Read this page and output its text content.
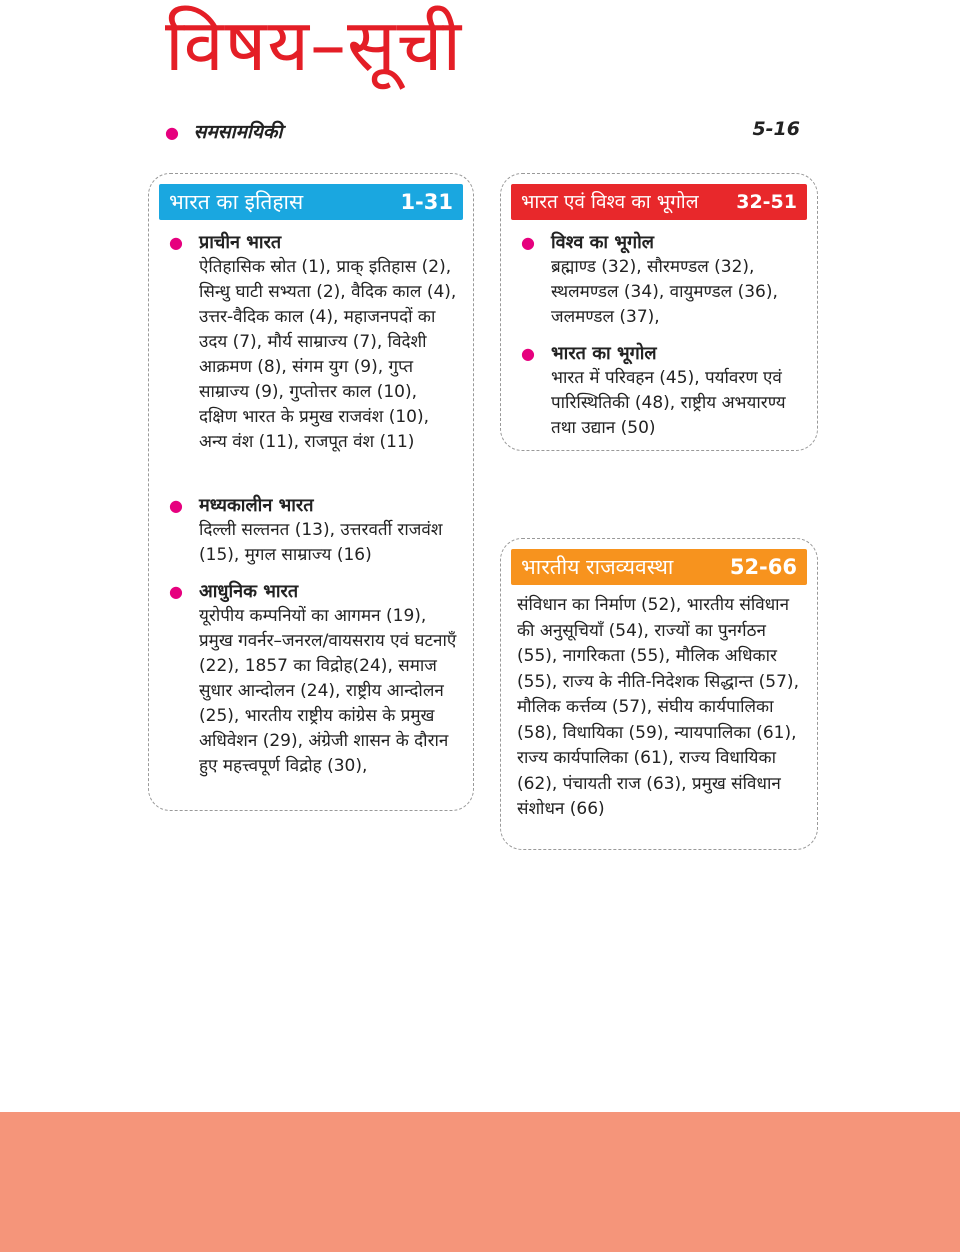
विषय–सूची
● समसामयिकी	5-16
भारत का इतिहास	1-31
● प्राचीन भारत
ऐतिहासिक स्रोत (1), प्राक् इतिहास (2), सिन्धु घाटी सभ्यता (2), वैदिक काल (4), उत्तर-वैदिक काल (4), महाजनपदों का उदय (7), मौर्य साम्राज्य (7), विदेशी आक्रमण (8), संगम युग (9), गुप्त साम्राज्य (9), गुप्तोत्तर काल (10), दक्षिण भारत के प्रमुख राजवंश (10), अन्य वंश (11), राजपूत वंश (11)
● मध्यकालीन भारत
दिल्ली सल्तनत (13), उत्तरवर्ती राजवंश (15), मुगल साम्राज्य (16)
● आधुनिक भारत
यूरोपीय कम्पनियों का आगमन (19), प्रमुख गवर्नर–जनरल/वायसराय एवं घटनाएँ (22), 1857 का विद्रोह(24), समाज सुधार आन्दोलन (24), राष्ट्रीय आन्दोलन (25), भारतीय राष्ट्रीय कांग्रेस के प्रमुख अधिवेशन (29), अंग्रेजी शासन के दौरान हुए महत्त्वपूर्ण विद्रोह (30),
भारत एवं विश्व का भूगोल 32-51
● विश्व का भूगोल
ब्रह्माण्ड (32), सौरमण्डल (32), स्थलमण्डल (34), वायुमण्डल (36), जलमण्डल (37),
● भारत का भूगोल
भारत में परिवहन (45), पर्यावरण एवं पारिस्थितिकी (48), राष्ट्रीय अभयारण्य तथा उद्यान (50)
भारतीय राजव्यवस्था	52-66
संविधान का निर्माण (52), भारतीय संविधान की अनुसूचियाँ (54), राज्यों का पुनर्गठन (55), नागरिकता (55), मौलिक अधिकार (55), राज्य के नीति-निदेशक सिद्धान्त (57), मौलिक कर्त्तव्य (57), संघीय कार्यपालिका (58), विधायिका (59), न्यायपालिका (61), राज्य कार्यपालिका (61), राज्य विधायिका (62), पंचायती राज (63), प्रमुख संविधान संशोधन (66)
